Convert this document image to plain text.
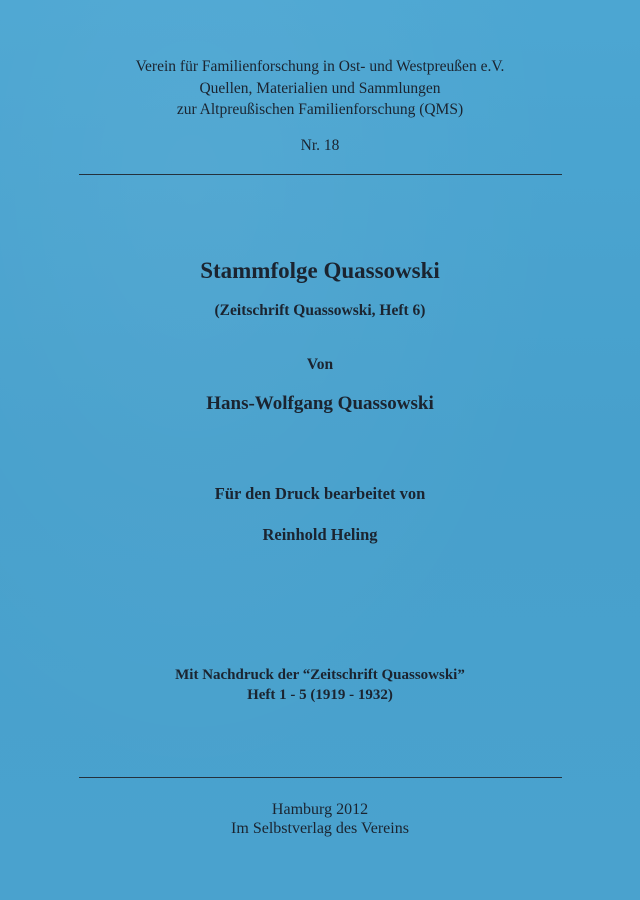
Verein für Familienforschung in Ost- und Westpreußen e.V.
Quellen, Materialien und Sammlungen
zur Altpreußischen Familienforschung (QMS)
Nr. 18
Stammfolge Quassowski
(Zeitschrift Quassowski, Heft 6)
Von
Hans-Wolfgang Quassowski
Für den Druck bearbeitet von
Reinhold Heling
Mit Nachdruck der “Zeitschrift Quassowski”
Heft 1 - 5 (1919 - 1932)
Hamburg 2012
Im Selbstverlag des Vereins
